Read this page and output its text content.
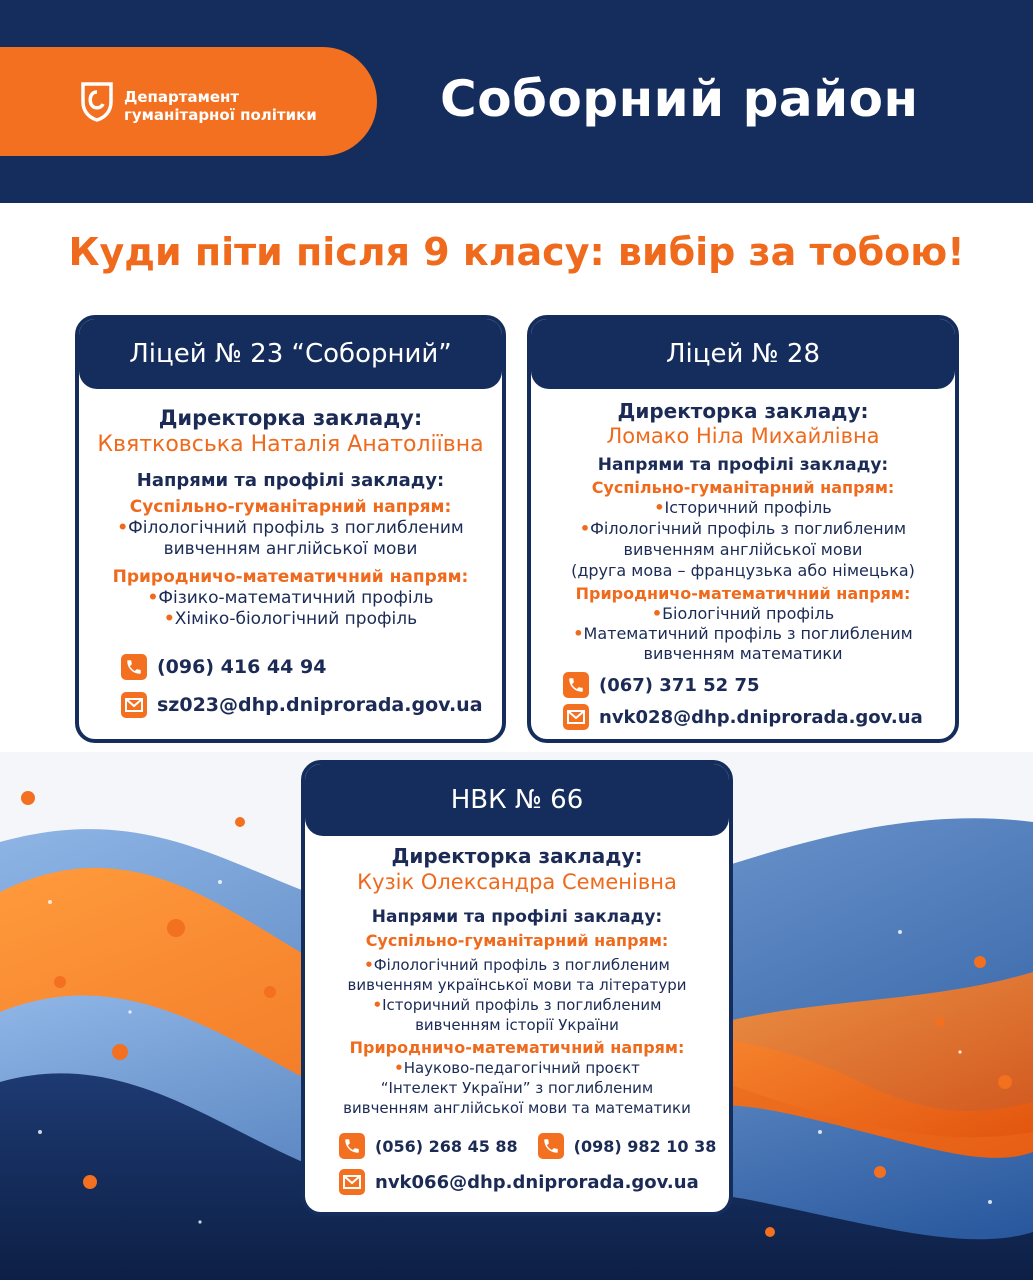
Департамент
гуманітарної політики Соборний район
Куди піти після 9 класу: вибір за тобою!
Ліцей № 23 “Соборний”
Директорка закладу:
Квятковська Наталія Анатоліївна
Напрями та профілі закладу:
Суспільно-гуманітарний напрям:
•Філологічний профіль з поглибленим
вивченням англійської мови
Природничо-математичний напрям:
•Фізико-математичний профіль
•Хіміко-біологічний профіль
(096) 416 44 94
sz023@dhp.dniprorada.gov.ua
Ліцей № 28
Директорка закладу:
Ломако Ніла Михайлівна
Напрями та профілі закладу:
Суспільно-гуманітарний напрям:
•Історичний профіль
•Філологічний профіль з поглибленим
вивченням англійської мови
(друга мова – французька або німецька)
Природничо-математичний напрям:
•Біологічний профіль
•Математичний профіль з поглибленим
вивченням математики
(067) 371 52 75
nvk028@dhp.dniprorada.gov.ua
НВК № 66
Директорка закладу:
Кузік Олександра Семенівна
Напрями та профілі закладу:
Суспільно-гуманітарний напрям:
•Філологічний профіль з поглибленим
вивченням української мови та літератури
•Історичний профіль з поглибленим
вивченням історії України
Природничо-математичний напрям:
•Науково-педагогічний проєкт
“Інтелект України” з поглибленим
вивченням англійської мови та математики
(056) 268 45 88	(098) 982 10 38
nvk066@dhp.dniprorada.gov.ua
